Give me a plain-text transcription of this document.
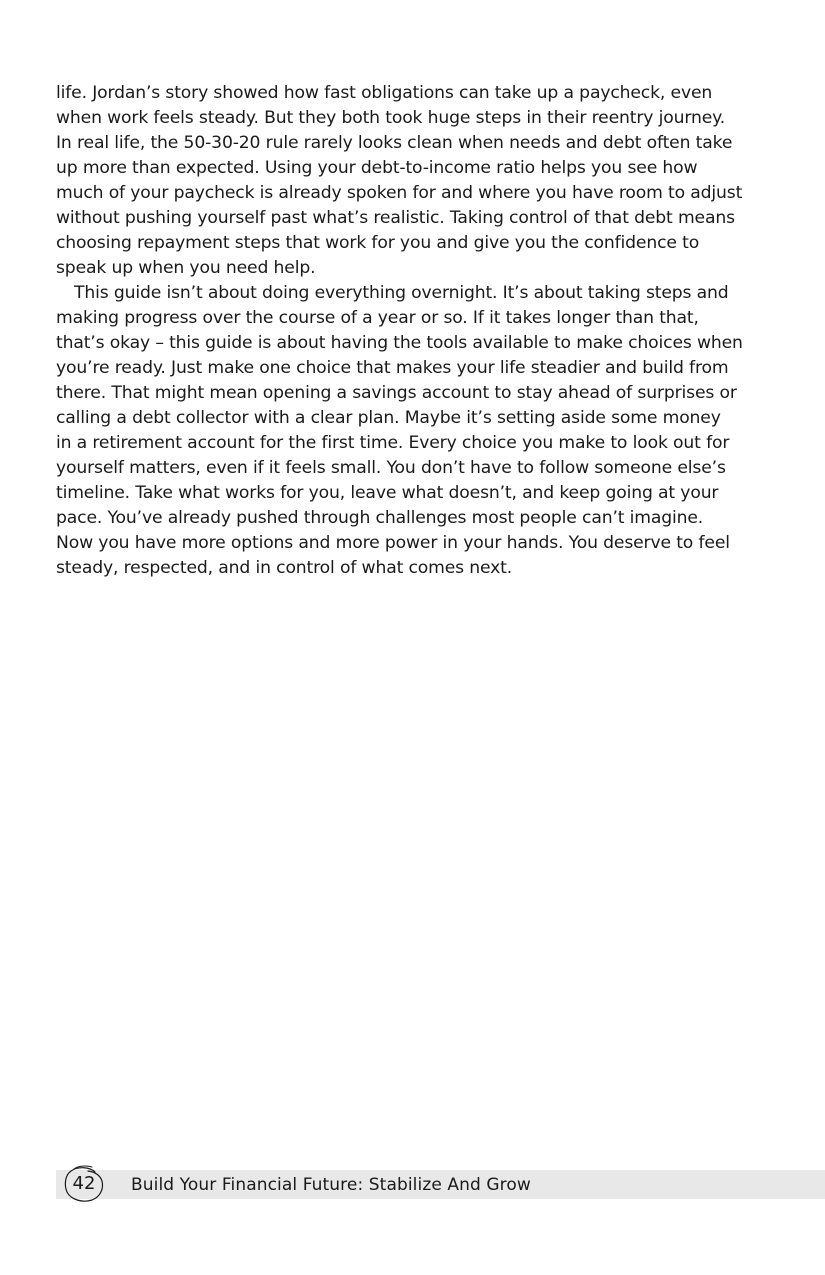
life. Jordan’s story showed how fast obligations can take up a paycheck, even
when work feels steady. But they both took huge steps in their reentry journey.
In real life, the 50-30-20 rule rarely looks clean when needs and debt often take
up more than expected. Using your debt-to-income ratio helps you see how
much of your paycheck is already spoken for and where you have room to adjust
without pushing yourself past what’s realistic. Taking control of that debt means
choosing repayment steps that work for you and give you the confidence to
speak up when you need help.
This guide isn’t about doing everything overnight. It’s about taking steps and
making progress over the course of a year or so. If it takes longer than that,
that’s okay – this guide is about having the tools available to make choices when
you’re ready. Just make one choice that makes your life steadier and build from
there. That might mean opening a savings account to stay ahead of surprises or
calling a debt collector with a clear plan. Maybe it’s setting aside some money
in a retirement account for the first time. Every choice you make to look out for
yourself matters, even if it feels small. You don’t have to follow someone else’s
timeline. Take what works for you, leave what doesn’t, and keep going at your
pace. You’ve already pushed through challenges most people can’t imagine.
Now you have more options and more power in your hands. You deserve to feel
steady, respected, and in control of what comes next.
42	Build Your Financial Future: Stabilize And Grow
